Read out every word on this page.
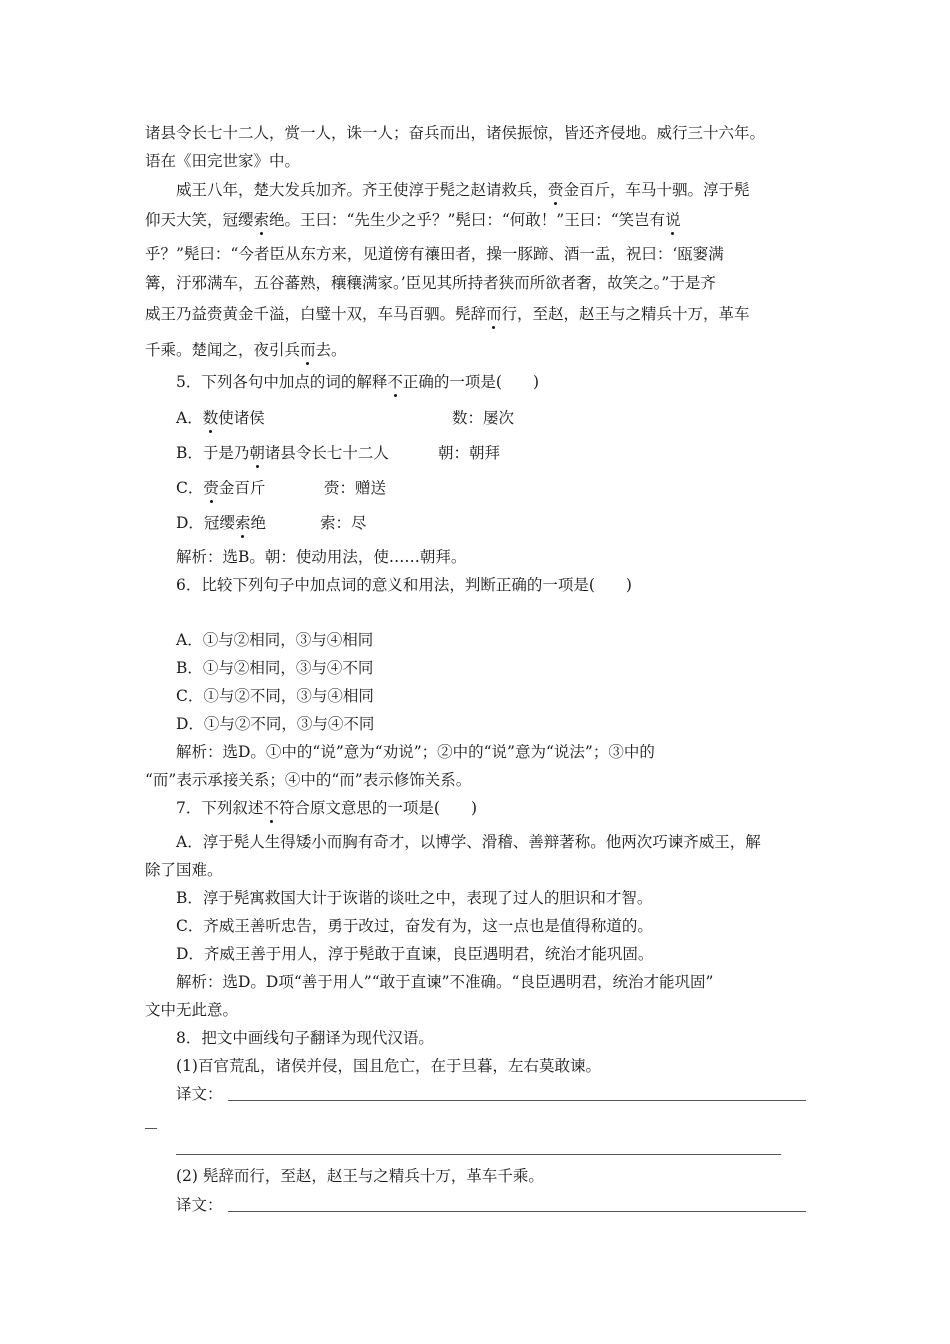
诸县令长七十二人，赏一人，诛一人；奋兵而出，诸侯振惊，皆还齐侵地。威行三十六年。
语在《田完世家》中。
威王八年，楚大发兵加齐。齐王使淳于髡之赵请救兵，赍金百斤，车马十驷。淳于髡
仰天大笑，冠缨索绝。王曰：“先生少之乎？”髡曰：“何敢！”王曰：“笑岂有说
乎？”髡曰：“今者臣从东方来，见道傍有禳田者，操一豚蹄、酒一盂，祝曰：‘瓯窭满
篝，汙邪满车，五谷蕃熟，穰穰满家。’臣见其所持者狭而所欲者奢，故笑之。”于是齐
威王乃益赍黄金千溢，白璧十双，车马百驷。髡辞而行，至赵，赵王与之精兵十万，革车
千乘。楚闻之，夜引兵而去。
5．下列各句中加点的词的解释不正确的一项是(　　)
A．数使诸侯	数：屡次
B．于是乃朝诸县令长七十二人	朝：朝拜
C．赍金百斤	赍：赠送
D．冠缨索绝	索：尽
解析：选B。朝：使动用法，使……朝拜。
6．比较下列句子中加点词的意义和用法，判断正确的一项是(　　)
A．①与②相同，③与④相同
B．①与②相同，③与④不同
C．①与②不同，③与④相同
D．①与②不同，③与④不同
解析：选D。①中的“说”意为“劝说”；②中的“说”意为“说法”；③中的
“而”表示承接关系；④中的“而”表示修饰关系。
7．下列叙述不符合原文意思的一项是(　　)
A．淳于髡人生得矮小而胸有奇才，以博学、滑稽、善辩著称。他两次巧谏齐威王，解
除了国难。
B．淳于髡寓救国大计于诙谐的谈吐之中，表现了过人的胆识和才智。
C．齐威王善听忠告，勇于改过，奋发有为，这一点也是值得称道的。
D．齐威王善于用人，淳于髡敢于直谏，良臣遇明君，统治才能巩固。
解析：选D。D项“善于用人”“敢于直谏”不准确。“良臣遇明君，统治才能巩固”
文中无此意。
8．把文中画线句子翻译为现代汉语。
(1)百官荒乱，诸侯并侵，国且危亡，在于旦暮，左右莫敢谏。
译文：
(2) 髡辞而行，至赵，赵王与之精兵十万，革车千乘。
译文：
